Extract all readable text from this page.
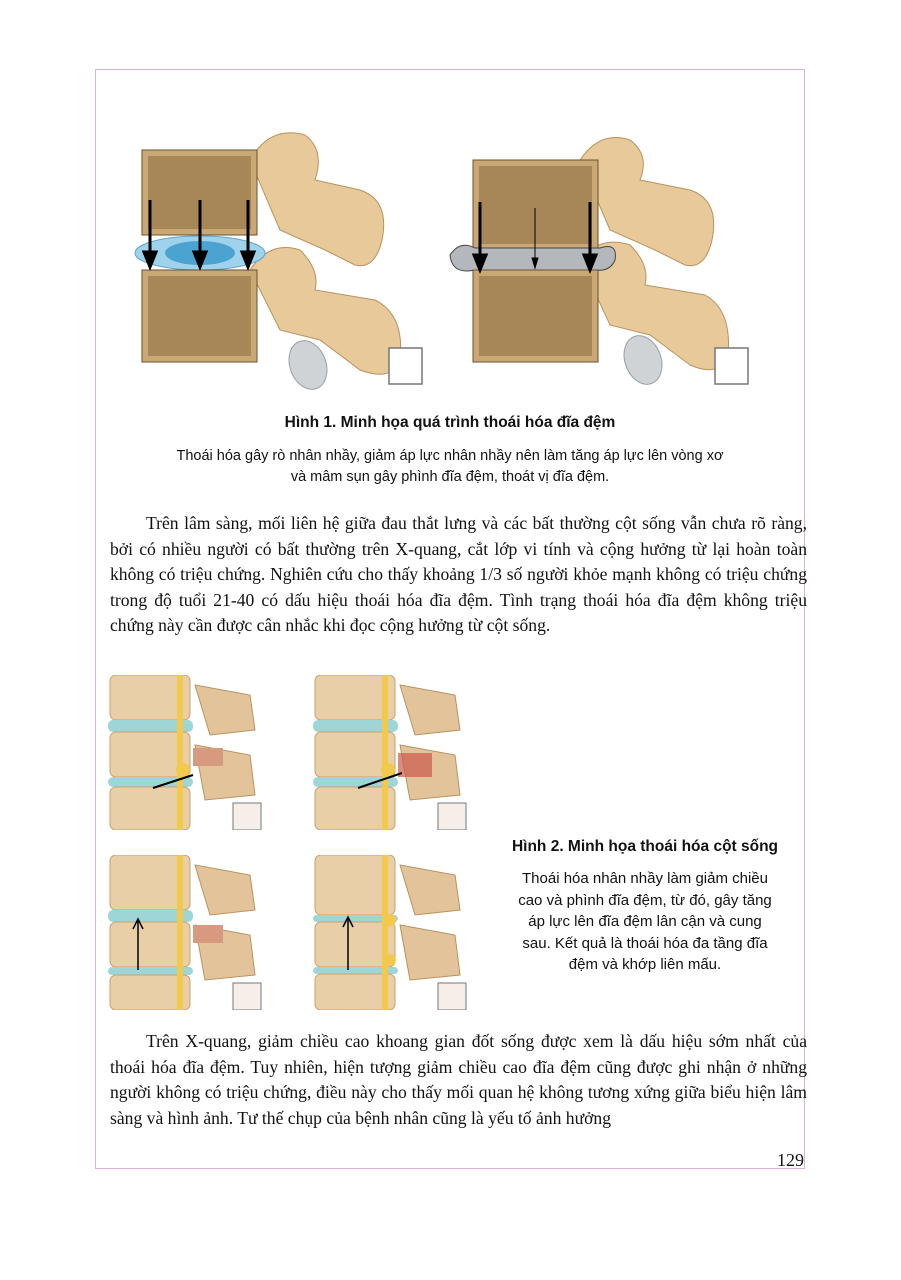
Hình 1. Minh họa quá trình thoái hóa đĩa đệm
Thoái hóa gây rò nhân nhầy, giảm áp lực nhân nhầy nên làm tăng áp lực lên vòng xơ
và mâm sụn gây phình đĩa đệm, thoát vị đĩa đệm.
Trên lâm sàng, mối liên hệ giữa đau thắt lưng và các bất thường cột sống vẫn chưa rõ ràng, bởi có nhiều người có bất thường trên X-quang, cắt lớp vi tính và cộng hưởng từ lại hoàn toàn không có triệu chứng. Nghiên cứu cho thấy khoảng 1/3 số người khỏe mạnh không có triệu chứng trong độ tuổi 21-40 có dấu hiệu thoái hóa đĩa đệm. Tình trạng thoái hóa đĩa đệm không triệu chứng này cần được cân nhắc khi đọc cộng hưởng từ cột sống.
Hình 2. Minh họa thoái hóa cột sống
Thoái hóa nhân nhầy làm giảm chiều
cao và phình đĩa đệm, từ đó, gây tăng
áp lực lên đĩa đệm lân cận và cung
sau. Kết quả là thoái hóa đa tầng đĩa
đệm và khớp liên mấu.
Trên X-quang, giảm chiều cao khoang gian đốt sống được xem là dấu hiệu sớm nhất của thoái hóa đĩa đệm. Tuy nhiên, hiện tượng giảm chiều cao đĩa đệm cũng được ghi nhận ở những người không có triệu chứng, điều này cho thấy mối quan hệ không tương xứng giữa biểu hiện lâm sàng và hình ảnh. Tư thế chụp của bệnh nhân cũng là yếu tố ảnh hưởng
129
